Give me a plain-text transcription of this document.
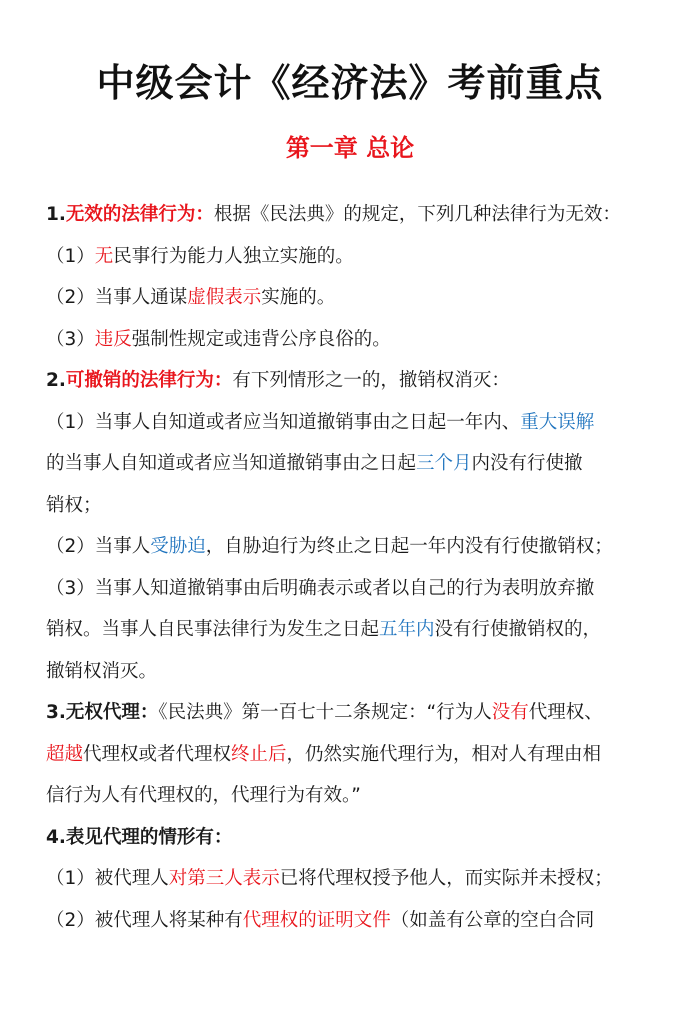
中级会计《经济法》考前重点
第一章 总论
1.无效的法律行为：根据《民法典》的规定，下列几种法律行为无效：
（1）无民事行为能力人独立实施的。
（2）当事人通谋虚假表示实施的。
（3）违反强制性规定或违背公序良俗的。
2.可撤销的法律行为：有下列情形之一的，撤销权消灭：
（1）当事人自知道或者应当知道撤销事由之日起一年内、重大误解
的当事人自知道或者应当知道撤销事由之日起三个月内没有行使撤
销权；
（2）当事人受胁迫，自胁迫行为终止之日起一年内没有行使撤销权；
（3）当事人知道撤销事由后明确表示或者以自己的行为表明放弃撤
销权。当事人自民事法律行为发生之日起五年内没有行使撤销权的，
撤销权消灭。
3.无权代理：《民法典》第一百七十二条规定：“行为人没有代理权、
超越代理权或者代理权终止后，仍然实施代理行为，相对人有理由相
信行为人有代理权的，代理行为有效。”
4.表见代理的情形有：
（1）被代理人对第三人表示已将代理权授予他人，而实际并未授权；
（2）被代理人将某种有代理权的证明文件（如盖有公章的空白合同
